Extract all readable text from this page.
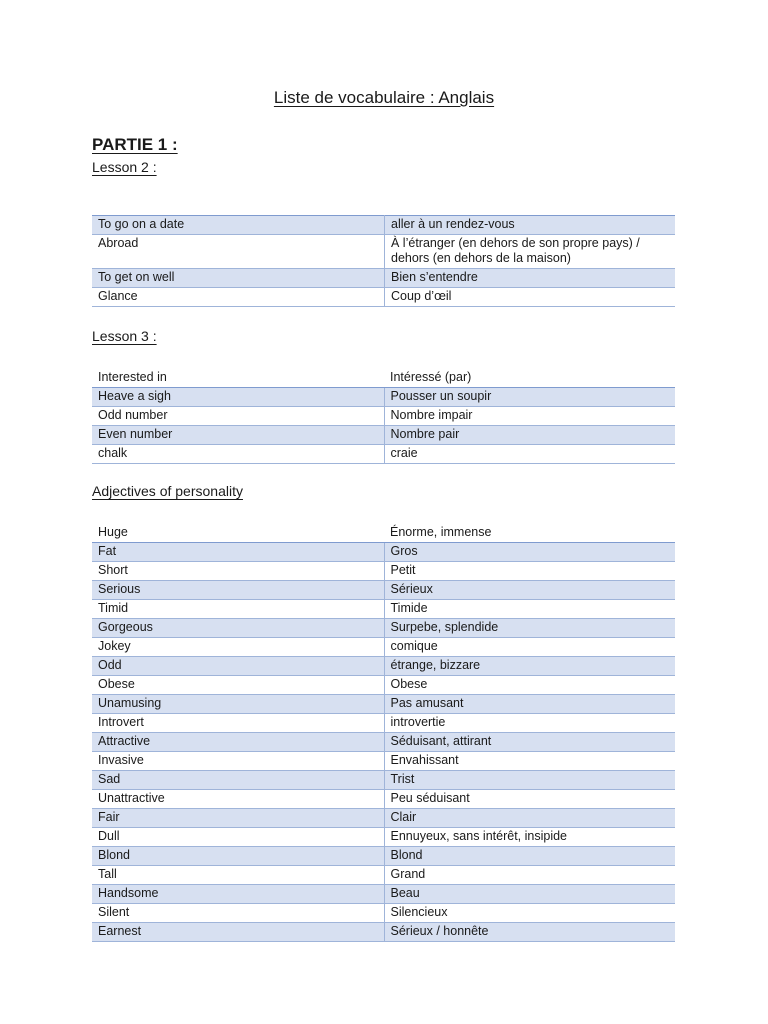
Liste de vocabulaire : Anglais
PARTIE 1 :
Lesson 2 :
To go on a date	aller à un rendez-vous
Abroad	À l’étranger (en dehors de son propre pays) / dehors (en dehors de la maison)
To get on well	Bien s’entendre
Glance	Coup d’œil
Lesson 3 :
Interested in	Intéressé (par)
Heave a sigh	Pousser un soupir
Odd number	Nombre impair
Even number	Nombre pair
chalk	craie
Adjectives of personality
Huge	Énorme, immense
Fat	Gros
Short	Petit
Serious	Sérieux
Timid	Timide
Gorgeous	Surpebe, splendide
Jokey	comique
Odd	étrange, bizzare
Obese	Obese
Unamusing	Pas amusant
Introvert	introvertie
Attractive	Séduisant, attirant
Invasive	Envahissant
Sad	Trist
Unattractive	Peu séduisant
Fair	Clair
Dull	Ennuyeux, sans intérêt, insipide
Blond	Blond
Tall	Grand
Handsome	Beau
Silent	Silencieux
Earnest	Sérieux / honnête
